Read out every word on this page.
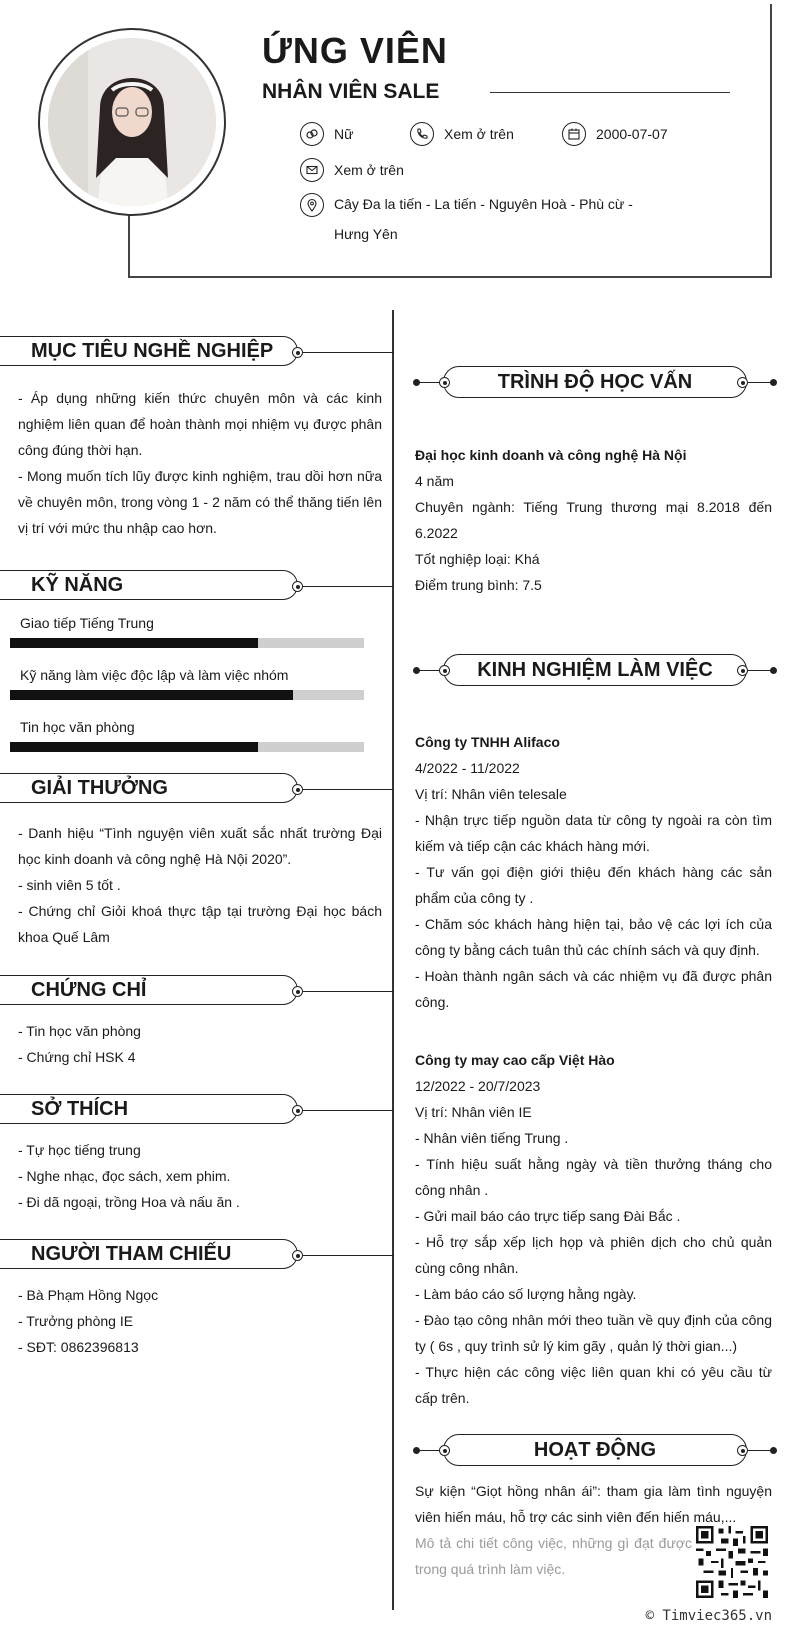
ỨNG VIÊN
NHÂN VIÊN SALE
Nữ	Xem ở trên	2000-07-07
Xem ở trên
Cây Đa la tiến - La tiến - Nguyên Hoà - Phù cừ - Hưng Yên
MỤC TIÊU NGHỀ NGHIỆP
- Áp dụng những kiến thức chuyên môn và các kinh nghiệm liên quan để hoàn thành mọi nhiệm vụ được phân công đúng thời hạn.
- Mong muốn tích lũy được kinh nghiệm, trau dồi hơn nữa về chuyên môn, trong vòng 1 - 2 năm có thể thăng tiến lên vị trí với mức thu nhập cao hơn.
KỸ NĂNG
Giao tiếp Tiếng Trung
Kỹ năng làm việc độc lập và làm việc nhóm
Tin học văn phòng
GIẢI THƯỞNG
- Danh hiệu “Tình nguyện viên xuất sắc nhất trường Đại học kinh doanh và công nghệ Hà Nội 2020”.
- sinh viên 5 tốt .
- Chứng chỉ Giỏi khoá thực tập tại trường Đại học bách khoa Quế Lâm
CHỨNG CHỈ
- Tin học văn phòng
- Chứng chỉ HSK 4
SỞ THÍCH
- Tự học tiếng trung
- Nghe nhạc, đọc sách, xem phim.
- Đi dã ngoại, trồng Hoa và nấu ăn .
NGƯỜI THAM CHIẾU
- Bà Phạm Hồng Ngọc
- Trưởng phòng IE
- SĐT: 0862396813
TRÌNH ĐỘ HỌC VẤN
Đại học kinh doanh và công nghệ Hà Nội
4 năm
Chuyên ngành: Tiếng Trung thương mại 8.2018 đến 6.2022
Tốt nghiệp loại: Khá
Điểm trung bình: 7.5
KINH NGHIỆM LÀM VIỆC
Công ty TNHH Alifaco
4/2022 - 11/2022
Vị trí: Nhân viên telesale
- Nhận trực tiếp nguồn data từ công ty ngoài ra còn tìm kiếm và tiếp cận các khách hàng mới.
- Tư vấn gọi điện giới thiệu đến khách hàng các sản phẩm của công ty .
- Chăm sóc khách hàng hiện tại, bảo vệ các lợi ích của công ty bằng cách tuân thủ các chính sách và quy định.
- Hoàn thành ngân sách và các nhiệm vụ đã được phân công.
Công ty may cao cấp Việt Hào
12/2022 - 20/7/2023
Vị trí: Nhân viên IE
- Nhân viên tiếng Trung .
- Tính hiệu suất hằng ngày và tiền thưởng tháng cho công nhân .
- Gửi mail báo cáo trực tiếp sang Đài Bắc .
- Hỗ trợ sắp xếp lịch họp và phiên dịch cho chủ quản cùng công nhân.
- Làm báo cáo số lượng hằng ngày.
- Đào tạo công nhân mới theo tuần về quy định của công ty ( 6s , quy trình sử lý kim gãy , quản lý thời gian...)
- Thực hiện các công việc liên quan khi có yêu cầu từ cấp trên.
HOẠT ĐỘNG
Sự kiện “Giọt hồng nhân ái”: tham gia làm tình nguyện viên hiến máu, hỗ trợ các sinh viên đến hiến máu,...
Mô tả chi tiết công việc, những gì đạt được trong quá trình làm việc.
© Timviec365.vn
